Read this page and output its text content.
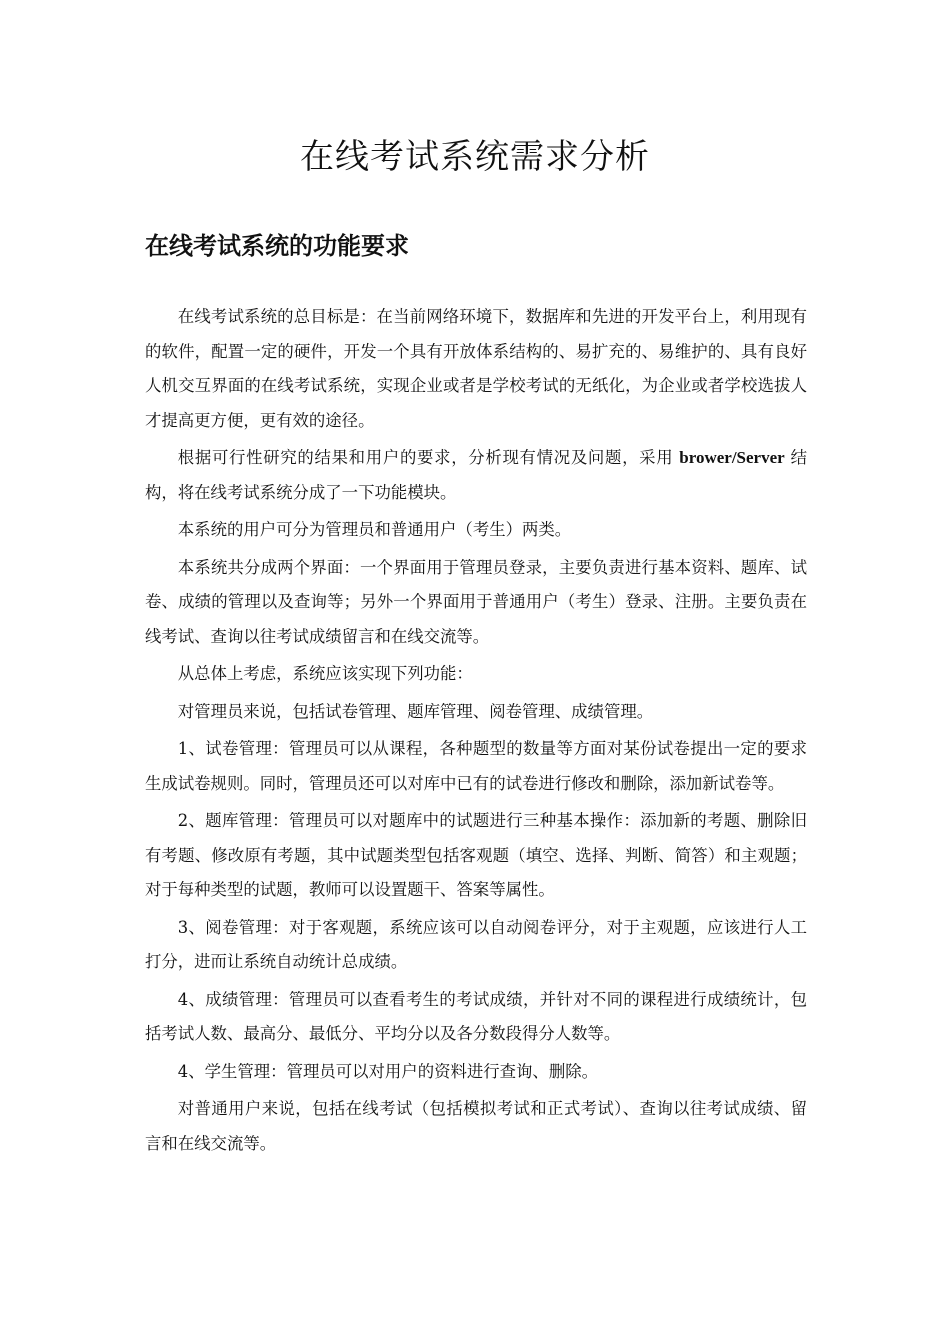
在线考试系统需求分析
在线考试系统的功能要求

在线考试系统的总目标是：在当前网络环境下，数据库和先进的开发平台上，利用现有的软件，配置一定的硬件，开发一个具有开放体系结构的、易扩充的、易维护的、具有良好人机交互界面的在线考试系统，实现企业或者是学校考试的无纸化，为企业或者学校选拔人才提高更方便，更有效的途径。

根据可行性研究的结果和用户的要求，分析现有情况及问题，采用 brower/Server 结构，将在线考试系统分成了一下功能模块。

本系统的用户可分为管理员和普通用户（考生）两类。

本系统共分成两个界面：一个界面用于管理员登录，主要负责进行基本资料、题库、试卷、成绩的管理以及查询等；另外一个界面用于普通用户（考生）登录、注册。主要负责在线考试、查询以往考试成绩留言和在线交流等。

从总体上考虑，系统应该实现下列功能：

对管理员来说，包括试卷管理、题库管理、阅卷管理、成绩管理。

1、试卷管理：管理员可以从课程，各种题型的数量等方面对某份试卷提出一定的要求生成试卷规则。同时，管理员还可以对库中已有的试卷进行修改和删除，添加新试卷等。

2、题库管理：管理员可以对题库中的试题进行三种基本操作：添加新的考题、删除旧有考题、修改原有考题，其中试题类型包括客观题（填空、选择、判断、简答）和主观题；对于每种类型的试题，教师可以设置题干、答案等属性。

3、阅卷管理：对于客观题，系统应该可以自动阅卷评分，对于主观题，应该进行人工打分，进而让系统自动统计总成绩。

4、成绩管理：管理员可以查看考生的考试成绩，并针对不同的课程进行成绩统计，包括考试人数、最高分、最低分、平均分以及各分数段得分人数等。

4、学生管理：管理员可以对用户的资料进行查询、删除。

对普通用户来说，包括在线考试（包括模拟考试和正式考试）、查询以往考试成绩、留言和在线交流等。
